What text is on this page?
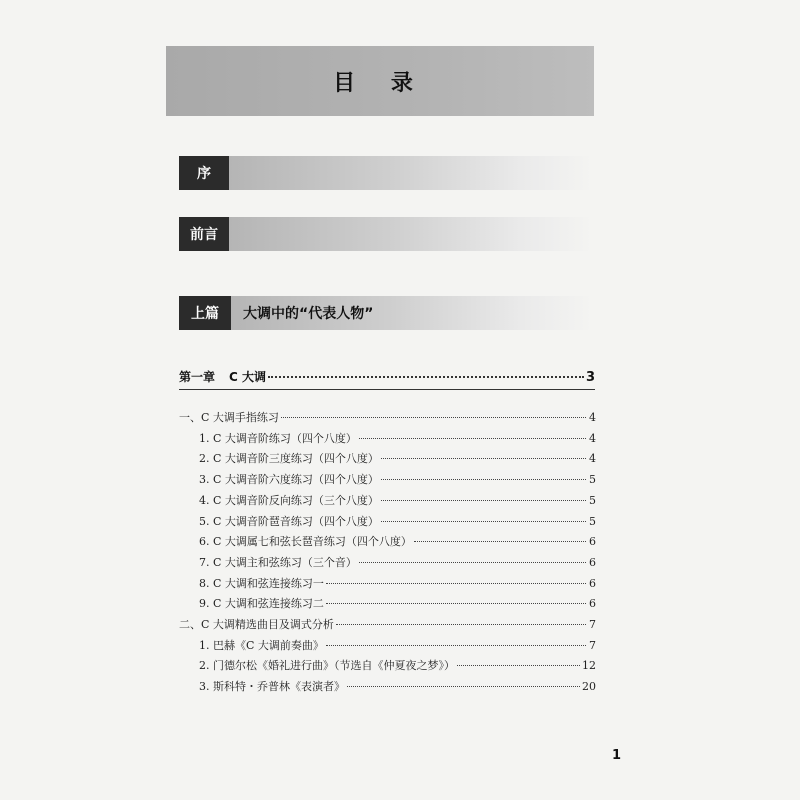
目 录
序
前言
上篇	大调中的“代表人物”
第一章 C 大调	3
一、C 大调手指练习	4
1. C 大调音阶练习（四个八度）	4
2. C 大调音阶三度练习（四个八度）	4
3. C 大调音阶六度练习（四个八度）	5
4. C 大调音阶反向练习（三个八度）	5
5. C 大调音阶琶音练习（四个八度）	5
6. C 大调属七和弦长琶音练习（四个八度）	6
7. C 大调主和弦练习（三个音）	6
8. C 大调和弦连接练习一	6
9. C 大调和弦连接练习二	6
二、C 大调精选曲目及调式分析	7
1. 巴赫《C 大调前奏曲》	7
2. 门德尔松《婚礼进行曲》（节选自《仲夏夜之梦》）	12
3. 斯科特・乔普林《表演者》	20
1
